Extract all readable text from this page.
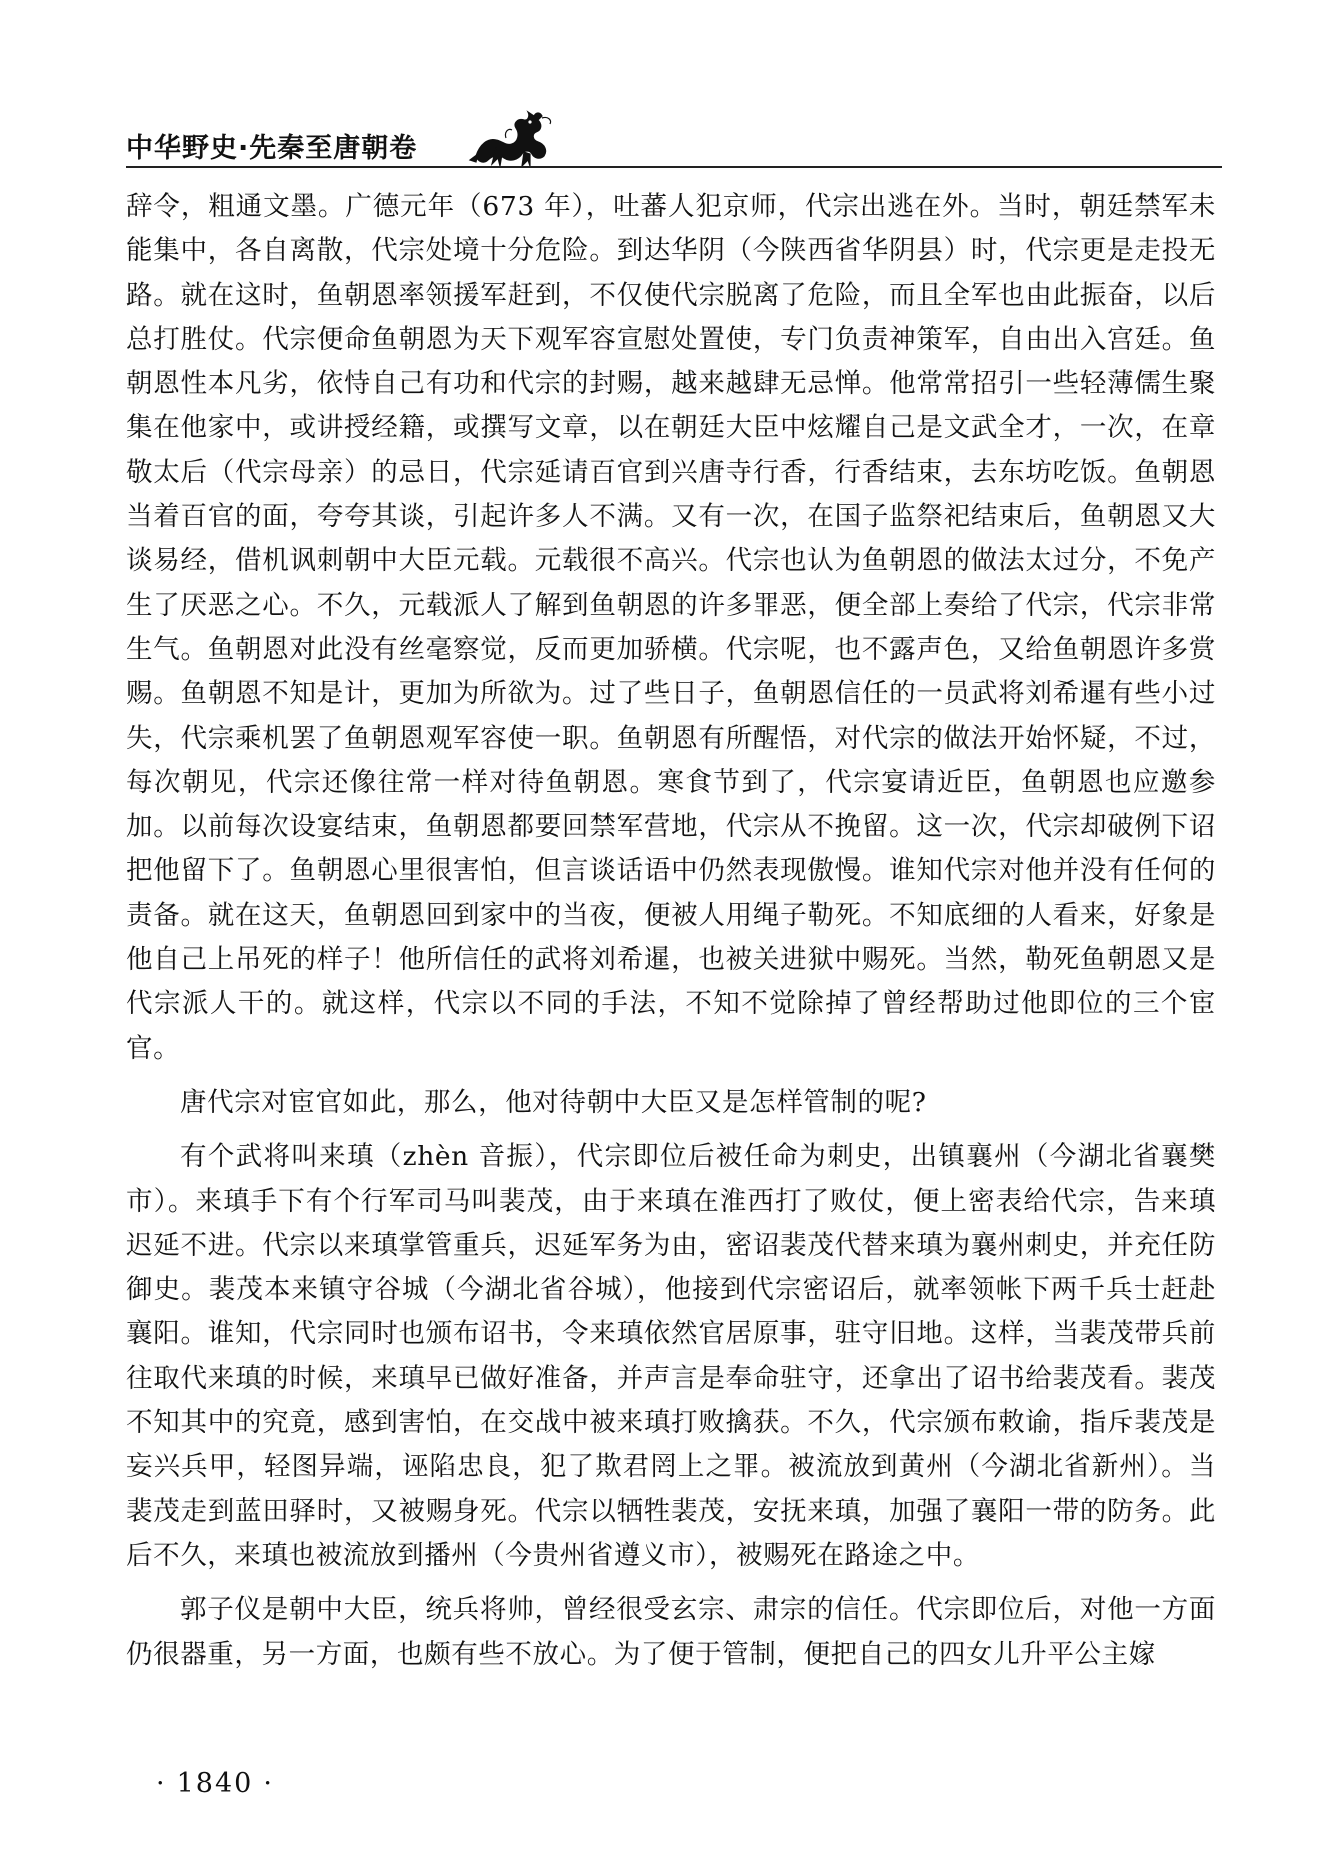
中华野史·先秦至唐朝卷

辞令，粗通文墨。广德元年（673 年），吐蕃人犯京师，代宗出逃在外。当时，朝廷禁军未能集中，各自离散，代宗处境十分危险。到达华阴（今陕西省华阴县）时，代宗更是走投无路。就在这时，鱼朝恩率领援军赶到，不仅使代宗脱离了危险，而且全军也由此振奋，以后总打胜仗。代宗便命鱼朝恩为天下观军容宣慰处置使，专门负责神策军，自由出入宫廷。鱼朝恩性本凡劣，依恃自己有功和代宗的封赐，越来越肆无忌惮。他常常招引一些轻薄儒生聚集在他家中，或讲授经籍，或撰写文章，以在朝廷大臣中炫耀自己是文武全才，一次，在章敬太后（代宗母亲）的忌日，代宗延请百官到兴唐寺行香，行香结束，去东坊吃饭。鱼朝恩当着百官的面，夸夸其谈，引起许多人不满。又有一次，在国子监祭祀结束后，鱼朝恩又大谈易经，借机讽刺朝中大臣元载。元载很不高兴。代宗也认为鱼朝恩的做法太过分，不免产生了厌恶之心。不久，元载派人了解到鱼朝恩的许多罪恶，便全部上奏给了代宗，代宗非常生气。鱼朝恩对此没有丝毫察觉，反而更加骄横。代宗呢，也不露声色，又给鱼朝恩许多赏赐。鱼朝恩不知是计，更加为所欲为。过了些日子，鱼朝恩信任的一员武将刘希暹有些小过失，代宗乘机罢了鱼朝恩观军容使一职。鱼朝恩有所醒悟，对代宗的做法开始怀疑，不过，每次朝见，代宗还像往常一样对待鱼朝恩。寒食节到了，代宗宴请近臣，鱼朝恩也应邀参加。以前每次设宴结束，鱼朝恩都要回禁军营地，代宗从不挽留。这一次，代宗却破例下诏把他留下了。鱼朝恩心里很害怕，但言谈话语中仍然表现傲慢。谁知代宗对他并没有任何的责备。就在这天，鱼朝恩回到家中的当夜，便被人用绳子勒死。不知底细的人看来，好象是他自己上吊死的样子！他所信任的武将刘希暹，也被关进狱中赐死。当然，勒死鱼朝恩又是代宗派人干的。就这样，代宗以不同的手法，不知不觉除掉了曾经帮助过他即位的三个宦官。

唐代宗对宦官如此，那么，他对待朝中大臣又是怎样管制的呢?

有个武将叫来瑱（zhèn 音振），代宗即位后被任命为刺史，出镇襄州（今湖北省襄樊市）。来瑱手下有个行军司马叫裴茂，由于来瑱在淮西打了败仗，便上密表给代宗，告来瑱迟延不进。代宗以来瑱掌管重兵，迟延军务为由，密诏裴茂代替来瑱为襄州刺史，并充任防御史。裴茂本来镇守谷城（今湖北省谷城），他接到代宗密诏后，就率领帐下两千兵士赶赴襄阳。谁知，代宗同时也颁布诏书，令来瑱依然官居原事，驻守旧地。这样，当裴茂带兵前往取代来瑱的时候，来瑱早已做好准备，并声言是奉命驻守，还拿出了诏书给裴茂看。裴茂不知其中的究竟，感到害怕，在交战中被来瑱打败擒获。不久，代宗颁布敕谕，指斥裴茂是妄兴兵甲，轻图异端，诬陷忠良，犯了欺君罔上之罪。被流放到黄州（今湖北省新州）。当裴茂走到蓝田驿时，又被赐身死。代宗以牺牲裴茂，安抚来瑱，加强了襄阳一带的防务。此后不久，来瑱也被流放到播州（今贵州省遵义市），被赐死在路途之中。

郭子仪是朝中大臣，统兵将帅，曾经很受玄宗、肃宗的信任。代宗即位后，对他一方面仍很器重，另一方面，也颇有些不放心。为了便于管制，便把自己的四女儿升平公主嫁

· 1840 ·
